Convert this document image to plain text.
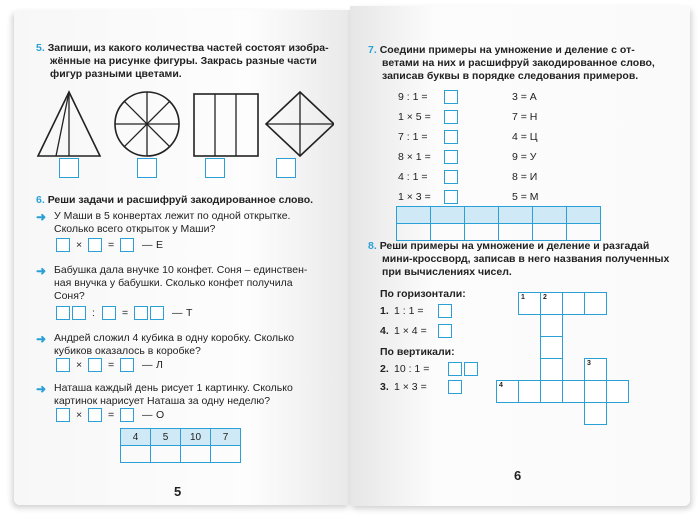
5. Запиши, из какого количества частей состоят изобра-
жённые на рисунке фигуры. Закрась разные части
фигур разными цветами.
6. Реши задачи и расшифруй закодированное слово.
➜ У Маши в 5 конвертах лежит по одной открытке.
Сколько всего открыток у Маши?
× =	— Е
➜ Бабушка дала внучке 10 конфет. Соня – единствен-
ная внучка у бабушки. Сколько конфет получила
Соня?
:	=	— Т
➜ Андрей сложил 4 кубика в одну коробку. Сколько
кубиков оказалось в коробке?
× =	— Л
➜ Наташа каждый день рисует 1 картинку. Сколько
картинок нарисует Наташа за одну неделю?
× =	— О
4	5	10	7

5
7. Соедини примеры на умножение и деление с от-
ветами на них и расшифруй закодированное слово,
записав буквы в порядке следования примеров.
9 : 1 =	3 = А
1 × 5 =	7 = Н
7 : 1 =	4 = Ц
8 × 1 =	9 = У
4 : 1 =	8 = И
1 × 3 =	5 = М

8. Реши примеры на умножение и деление и разгадай
мини-кроссворд, записав в него названия полученных
при вычислениях чисел.
По горизонтали:
1. 1 : 1 =
4. 1 × 4 =
По вертикали:
2. 10 : 1 =
3. 1 × 3 =
1	2
3
4
6
